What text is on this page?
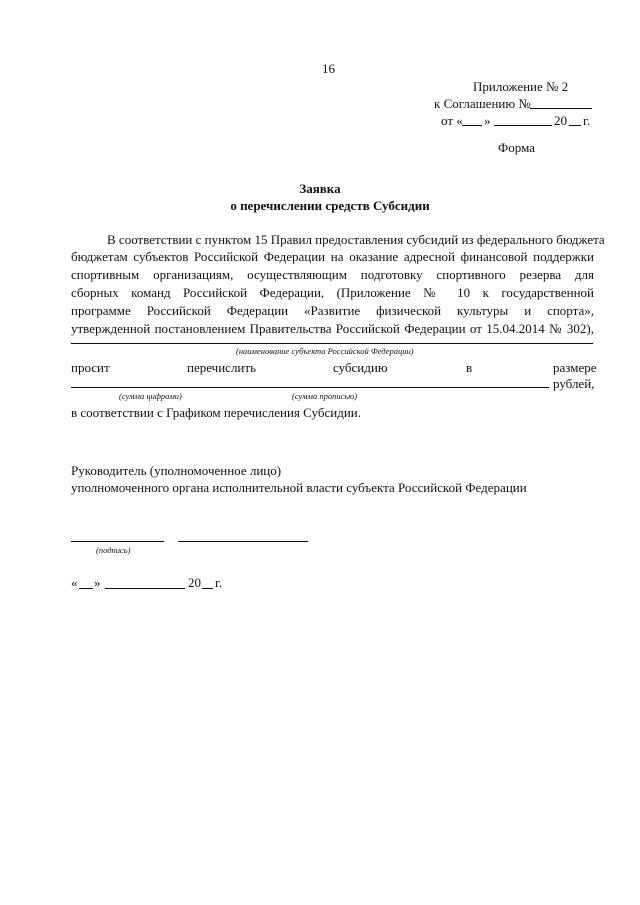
16
Приложение № 2
к Соглашению №
от « »	20 г.
Форма
Заявка
о перечислении средств Субсидии
В соответствии с пунктом 15 Правил предоставления субсидий из федерального бюджета
бюджетам субъектов Российской Федерации на оказание адресной финансовой поддержки
спортивным организациям, осуществляющим подготовку спортивного резерва для
сборных команд Российской Федерации, (Приложение № 10 к государственной
программе Российской Федерации «Развитие физической культуры и спорта»,
утвержденной постановлением Правительства Российской Федерации от 15.04.2014 № 302),
(наименование субъекта Российской Федерации)
просит	перечислить	субсидию	в	размере
рублей,
(сумма цифрами)	(сумма прописью)
в соответствии с Графиком перечисления Субсидии.
Руководитель (уполномоченное лицо)
уполномоченного органа исполнительной власти субъекта Российской Федерации
(подпись)
« »	20 г.
